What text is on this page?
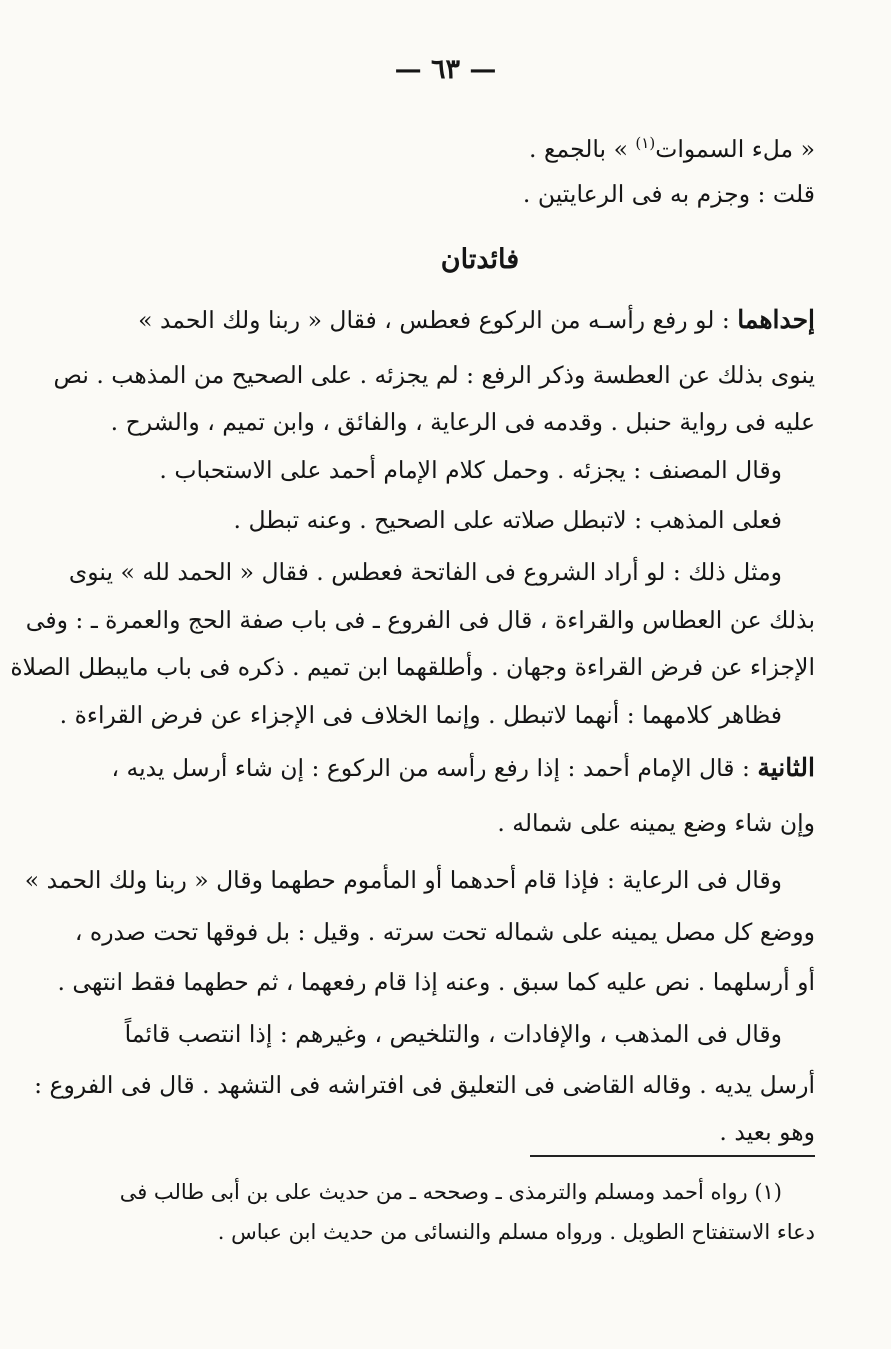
— ٦٣ —
« ملء السموات$^{(١)}$ » بالجمع .
قلت : وجزم به فى الرعايتين .
فائدتان
إحداهما : لو رفع رأسـه من الركوع فعطس ، فقال « ربنا ولك الحمد »
ينوى بذلك عن العطسة وذكر الرفع : لم يجزئه . على الصحيح من المذهب . نص
عليه فى رواية حنبل . وقدمه فى الرعاية ، والفائق ، وابن تميم ، والشرح .
وقال المصنف : يجزئه . وحمل كلام الإمام أحمد على الاستحباب .
فعلى المذهب : لاتبطل صلاته على الصحيح . وعنه تبطل .
ومثل ذلك : لو أراد الشروع فى الفاتحة فعطس . فقال « الحمد لله » ينوى
بذلك عن العطاس والقراءة ، قال فى الفروع ـ فى باب صفة الحج والعمرة ـ : وفى
الإجزاء عن فرض القراءة وجهان . وأطلقهما ابن تميم . ذكره فى باب مايبطل الصلاة
فظاهر كلامهما : أنهما لاتبطل . وإنما الخلاف فى الإجزاء عن فرض القراءة .
الثانية : قال الإمام أحمد : إذا رفع رأسه من الركوع : إن شاء أرسل يديه ،
وإن شاء وضع يمينه على شماله .
وقال فى الرعاية : فإذا قام أحدهما أو المأموم حطهما وقال « ربنا ولك الحمد »
ووضع كل مصل يمينه على شماله تحت سرته . وقيل : بل فوقها تحت صدره ،
أو أرسلهما . نص عليه كما سبق . وعنه إذا قام رفعهما ، ثم حطهما فقط انتهى .
وقال فى المذهب ، والإفادات ، والتلخيص ، وغيرهم : إذا انتصب قائماً
أرسل يديه . وقاله القاضى فى التعليق فى افتراشه فى التشهد . قال فى الفروع :
وهو بعيد .
(١) رواه أحمد ومسلم والترمذى ـ وصححه ـ من حديث على بن أبى طالب فى
دعاء الاستفتاح الطويل . ورواه مسلم والنسائى من حديث ابن عباس .
